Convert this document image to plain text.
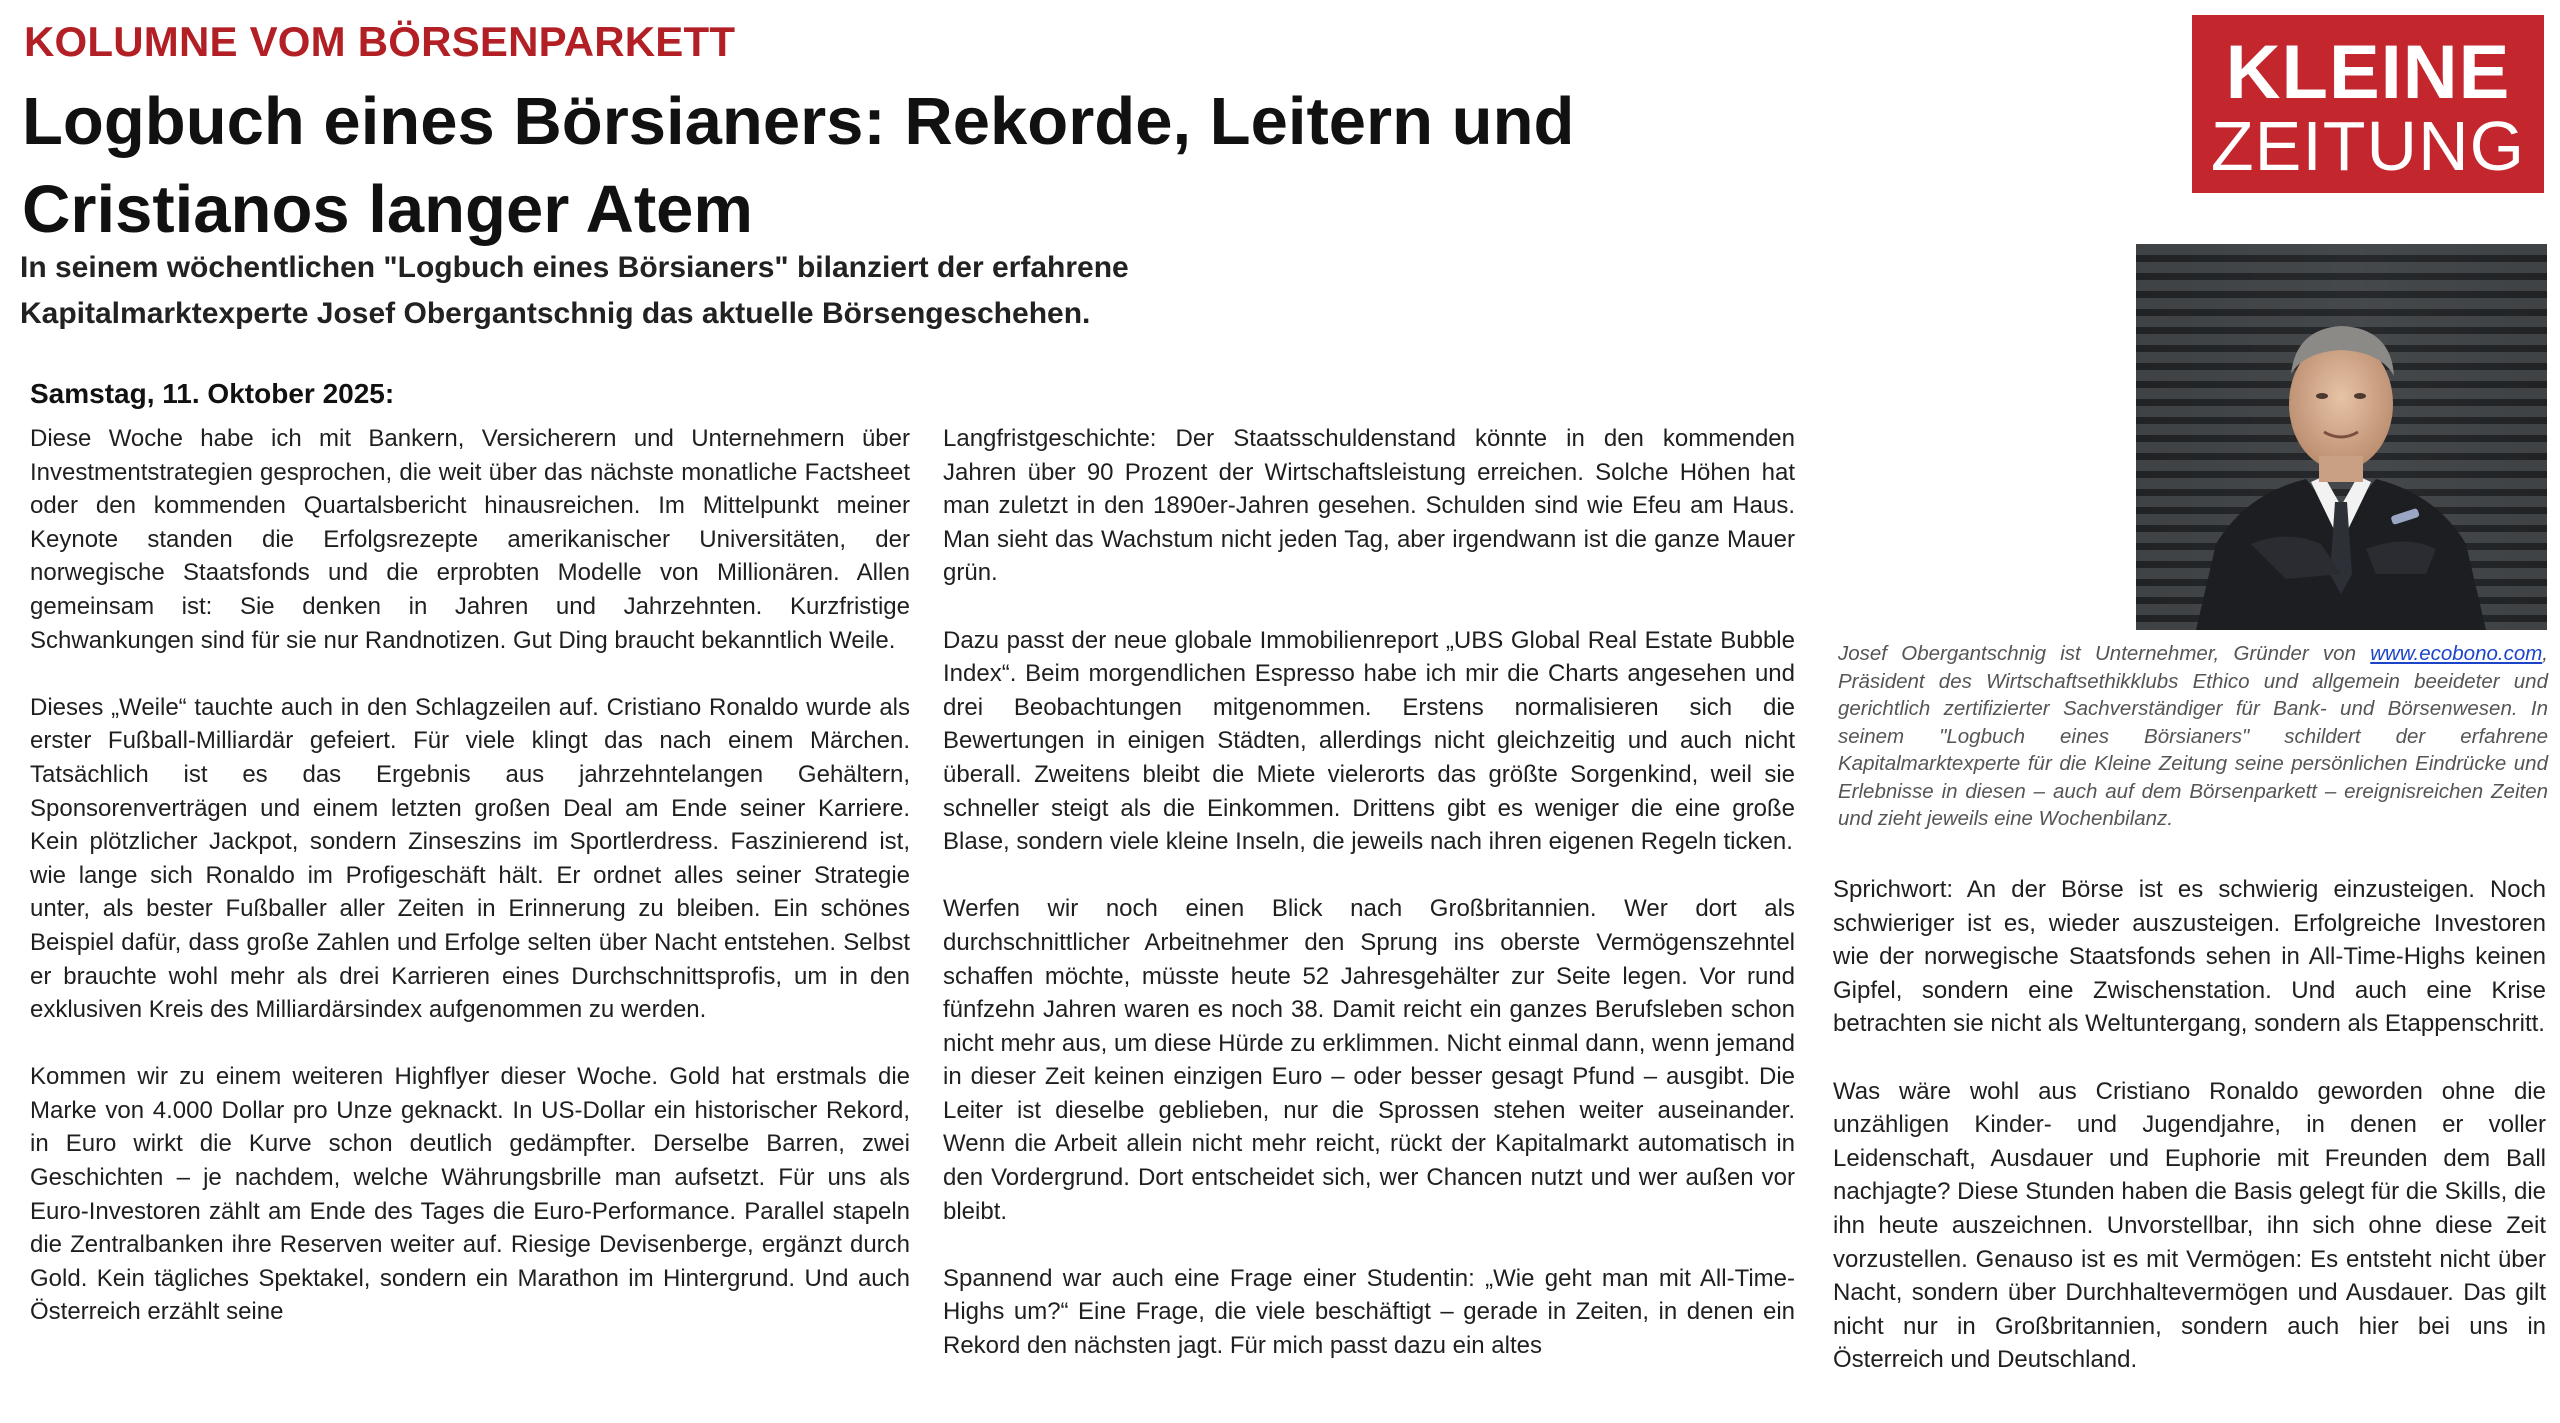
KOLUMNE VOM BÖRSENPARKETT
Logbuch eines Börsianers: Rekorde, Leitern und Cristianos langer Atem

In seinem wöchentlichen "Logbuch eines Börsianers" bilanziert der erfahrene Kapitalmarktexperte Josef Obergantschnig das aktuelle Börsengeschehen.

KLEINE
ZEITUNG
Josef Obergantschnig ist Unternehmer, Gründer von www.ecobono.com, Präsident des Wirtschaftsethikklubs Ethico und allgemein beeideter und gerichtlich zertifizierter Sachverständiger für Bank- und Börsenwesen. In seinem "Logbuch eines Börsianers" schildert der erfahrene Kapitalmarktexperte für die Kleine Zeitung seine persönlichen Eindrücke und Erlebnisse in diesen – auch auf dem Börsenparkett – ereignisreichen Zeiten und zieht jeweils eine Wochenbilanz.
Samstag, 11. Oktober 2025:

Diese Woche habe ich mit Bankern, Versicherern und Unternehmern über Investmentstrategien gesprochen, die weit über das nächste monatliche Factsheet oder den kommenden Quartalsbericht hinausreichen. Im Mittelpunkt meiner Keynote standen die Erfolgsrezepte amerikanischer Universitäten, der norwegische Staatsfonds und die erprobten Modelle von Millionären. Allen gemeinsam ist: Sie denken in Jahren und Jahrzehnten. Kurzfristige Schwankungen sind für sie nur Randnotizen. Gut Ding braucht bekanntlich Weile.

Dieses „Weile“ tauchte auch in den Schlagzeilen auf. Cristiano Ronaldo wurde als erster Fußball-Milliardär gefeiert. Für viele klingt das nach einem Märchen. Tatsächlich ist es das Ergebnis aus jahrzehntelangen Gehältern, Sponsorenverträgen und einem letzten großen Deal am Ende seiner Karriere. Kein plötzlicher Jackpot, sondern Zinseszins im Sportlerdress. Faszinierend ist, wie lange sich Ronaldo im Profigeschäft hält. Er ordnet alles seiner Strategie unter, als bester Fußballer aller Zeiten in Erinnerung zu bleiben. Ein schönes Beispiel dafür, dass große Zahlen und Erfolge selten über Nacht entstehen. Selbst er brauchte wohl mehr als drei Karrieren eines Durchschnittsprofis, um in den exklusiven Kreis des Milliardärsindex aufgenommen zu werden.

Kommen wir zu einem weiteren Highflyer dieser Woche. Gold hat erstmals die Marke von 4.000 Dollar pro Unze geknackt. In US-Dollar ein historischer Rekord, in Euro wirkt die Kurve schon deutlich gedämpfter. Derselbe Barren, zwei Geschichten – je nachdem, welche Währungsbrille man aufsetzt. Für uns als Euro-Investoren zählt am Ende des Tages die Euro-Performance. Parallel stapeln die Zentralbanken ihre Reserven weiter auf. Riesige Devisenberge, ergänzt durch Gold. Kein tägliches Spektakel, sondern ein Marathon im Hintergrund. Und auch Österreich erzählt seine

Langfristgeschichte: Der Staatsschuldenstand könnte in den kommenden Jahren über 90 Prozent der Wirtschaftsleistung erreichen. Solche Höhen hat man zuletzt in den 1890er-Jahren gesehen. Schulden sind wie Efeu am Haus. Man sieht das Wachstum nicht jeden Tag, aber irgendwann ist die ganze Mauer grün.

Dazu passt der neue globale Immobilienreport „UBS Global Real Estate Bubble Index“. Beim morgendlichen Espresso habe ich mir die Charts angesehen und drei Beobachtungen mitgenommen. Erstens normalisieren sich die Bewertungen in einigen Städten, allerdings nicht gleichzeitig und auch nicht überall. Zweitens bleibt die Miete vielerorts das größte Sorgenkind, weil sie schneller steigt als die Einkommen. Drittens gibt es weniger die eine große Blase, sondern viele kleine Inseln, die jeweils nach ihren eigenen Regeln ticken.

Werfen wir noch einen Blick nach Großbritannien. Wer dort als durchschnittlicher Arbeitnehmer den Sprung ins oberste Vermögenszehntel schaffen möchte, müsste heute 52 Jahresgehälter zur Seite legen. Vor rund fünfzehn Jahren waren es noch 38. Damit reicht ein ganzes Berufsleben schon nicht mehr aus, um diese Hürde zu erklimmen. Nicht einmal dann, wenn jemand in dieser Zeit keinen einzigen Euro – oder besser gesagt Pfund – ausgibt. Die Leiter ist dieselbe geblieben, nur die Sprossen stehen weiter auseinander. Wenn die Arbeit allein nicht mehr reicht, rückt der Kapitalmarkt automatisch in den Vordergrund. Dort entscheidet sich, wer Chancen nutzt und wer außen vor bleibt.

Spannend war auch eine Frage einer Studentin: „Wie geht man mit All-Time-Highs um?“ Eine Frage, die viele beschäftigt – gerade in Zeiten, in denen ein Rekord den nächsten jagt. Für mich passt dazu ein altes

Sprichwort: An der Börse ist es schwierig einzusteigen. Noch schwieriger ist es, wieder auszusteigen. Erfolgreiche Investoren wie der norwegische Staatsfonds sehen in All-Time-Highs keinen Gipfel, sondern eine Zwischenstation. Und auch eine Krise betrachten sie nicht als Weltuntergang, sondern als Etappenschritt.

Was wäre wohl aus Cristiano Ronaldo geworden ohne die unzähligen Kinder- und Jugendjahre, in denen er voller Leidenschaft, Ausdauer und Euphorie mit Freunden dem Ball nachjagte? Diese Stunden haben die Basis gelegt für die Skills, die ihn heute auszeichnen. Unvorstellbar, ihn sich ohne diese Zeit vorzustellen. Genauso ist es mit Vermögen: Es entsteht nicht über Nacht, sondern über Durchhaltevermögen und Ausdauer. Das gilt nicht nur in Großbritannien, sondern auch hier bei uns in Österreich und Deutschland.
